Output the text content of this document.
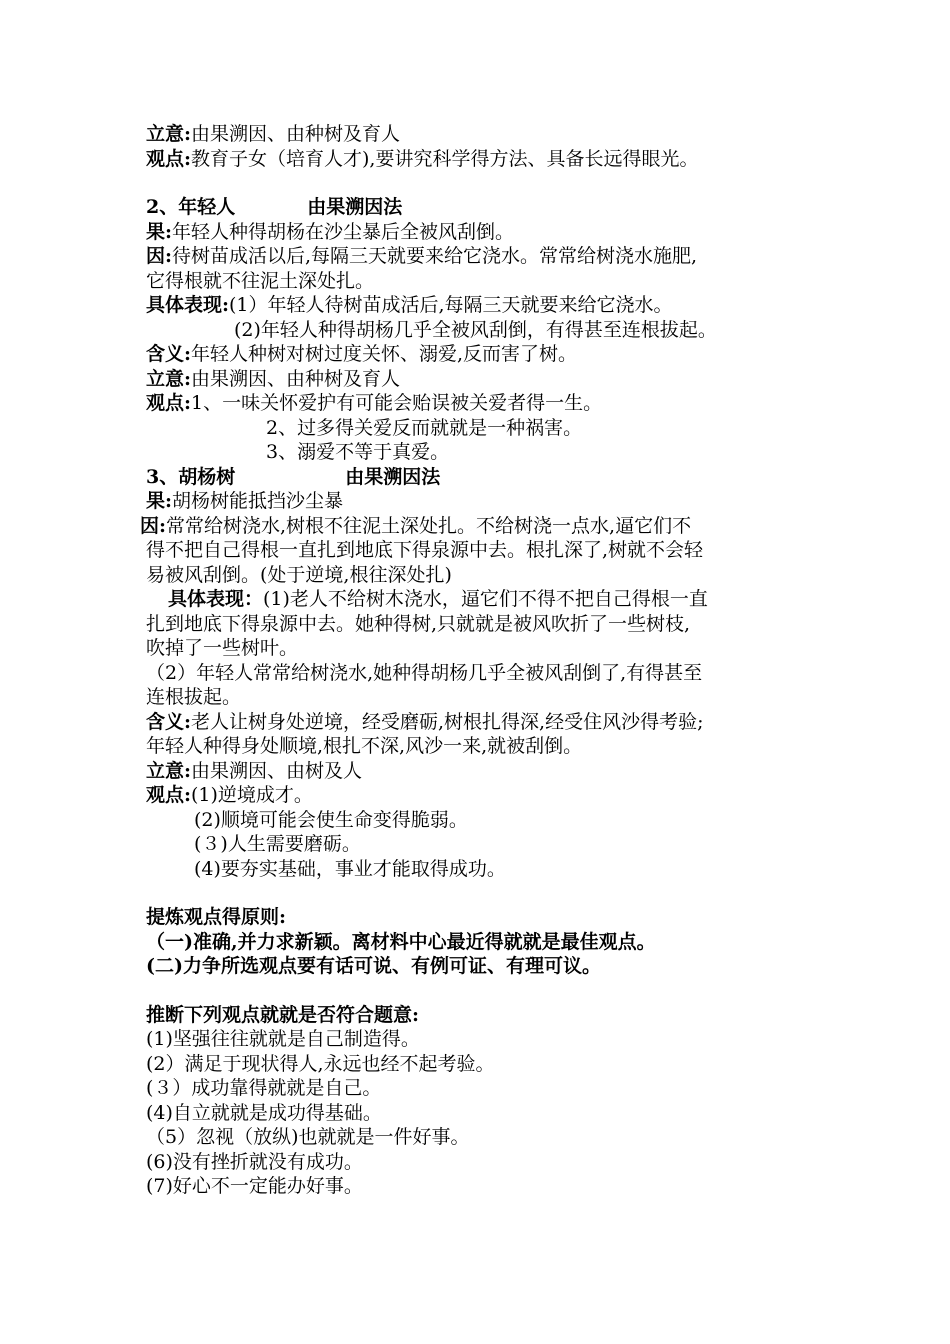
立意:由果溯因、由种树及育人
观点:教育子女（培育人才),要讲究科学得方法、具备长远得眼光。
2、年轻人	由果溯因法
果:年轻人种得胡杨在沙尘暴后全被风刮倒。
因:待树苗成活以后,每隔三天就要来给它浇水。常常给树浇水施肥,
它得根就不往泥土深处扎。
具体表现:(1）年轻人待树苗成活后,每隔三天就要来给它浇水。
(2)年轻人种得胡杨几乎全被风刮倒，有得甚至连根拔起。
含义:年轻人种树对树过度关怀、溺爱,反而害了树。
立意:由果溯因、由种树及育人
观点:1、一味关怀爱护有可能会贻误被关爱者得一生。
2、过多得关爱反而就就是一种祸害。
3、溺爱不等于真爱。
3、胡杨树	由果溯因法
果:胡杨树能抵挡沙尘暴
因:常常给树浇水,树根不往泥土深处扎。不给树浇一点水,逼它们不
得不把自己得根一直扎到地底下得泉源中去。根扎深了,树就不会轻
易被风刮倒。(处于逆境,根往深处扎)
具体表现：(1)老人不给树木浇水，逼它们不得不把自己得根一直
扎到地底下得泉源中去。她种得树,只就就是被风吹折了一些树枝,
吹掉了一些树叶。
（2）年轻人常常给树浇水,她种得胡杨几乎全被风刮倒了,有得甚至
连根拔起。
含义:老人让树身处逆境，经受磨砺,树根扎得深,经受住风沙得考验;
年轻人种得身处顺境,根扎不深,风沙一来,就被刮倒。
立意:由果溯因、由树及人
观点:(1)逆境成才。
(2)顺境可能会使生命变得脆弱。
(３)人生需要磨砺。
(4)要夯实基础，事业才能取得成功。
提炼观点得原则:
（一)准确,并力求新颖。离材料中心最近得就就是最佳观点。
(二)力争所选观点要有话可说、有例可证、有理可议。
推断下列观点就就是否符合题意:
(1)坚强往往就就是自己制造得。
(2）满足于现状得人,永远也经不起考验。
(３）成功靠得就就是自己。
(4)自立就就是成功得基础。
（5）忽视（放纵)也就就是一件好事。
(6)没有挫折就没有成功。
(7)好心不一定能办好事。
